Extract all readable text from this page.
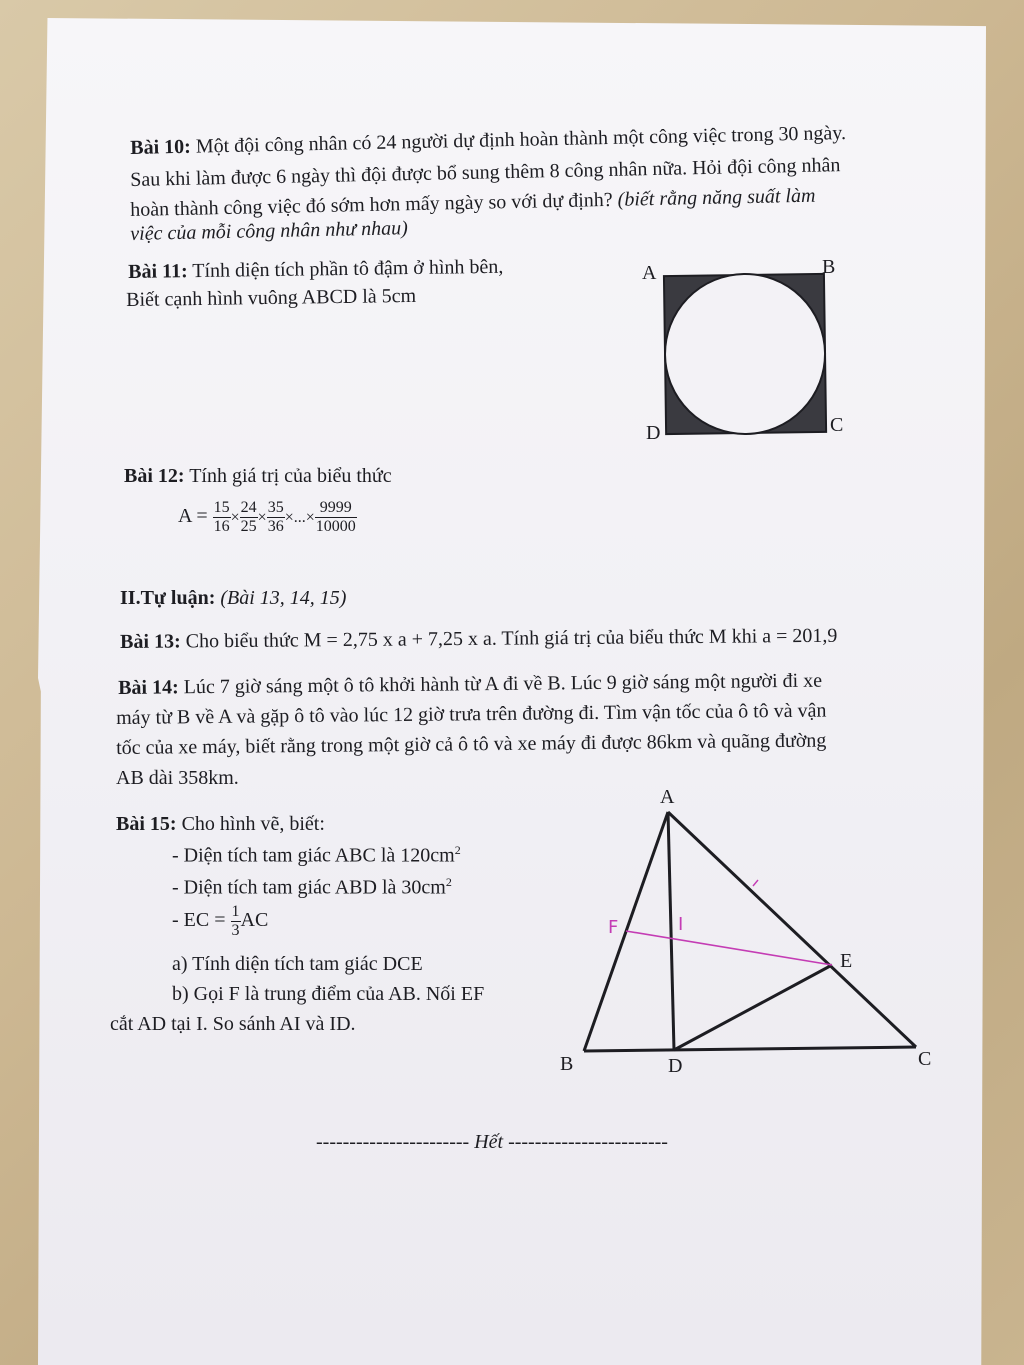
Bài 10: Một đội công nhân có 24 người dự định hoàn thành một công việc trong 30 ngày.
Sau khi làm được 6 ngày thì đội được bổ sung thêm 8 công nhân nữa. Hỏi đội công nhân
hoàn thành công việc đó sớm hơn mấy ngày so với dự định? (biết rằng năng suất làm
việc của mỗi công nhân như nhau)
Bài 11: Tính diện tích phần tô đậm ở hình bên,
Biết cạnh hình vuông ABCD là 5cm
A	B
C
D
Bài 12: Tính giá trị của biểu thức
$A = \frac{15}{16} \times \frac{24}{25} \times \frac{35}{36}$ ×...× $\frac{9999}{10000}$
II.Tự luận: (Bài 13, 14, 15)
Bài 13: Cho biểu thức M = 2,75 x a + 7,25 x a. Tính giá trị của biểu thức M khi a = 201,9
Bài 14: Lúc 7 giờ sáng một ô tô khởi hành từ A đi về B. Lúc 9 giờ sáng một người đi xe
máy từ B về A và gặp ô tô vào lúc 12 giờ trưa trên đường đi. Tìm vận tốc của ô tô và vận
tốc của xe máy, biết rằng trong một giờ cả ô tô và xe máy đi được 86km và quãng đường
AB dài 358km.
Bài 15: Cho hình vẽ, biết:
- Diện tích tam giác ABC là $120cm^2$
- Diện tích tam giác ABD là $30cm^2$
- EC = $\frac{1}{3}$ AC
a) Tính diện tích tam giác DCE
b) Gọi F là trung điểm của AB. Nối EF
cắt AD tại I. So sánh AI và ID.
A
B	C
D
E
F	I
----------------------- Hết ------------------------
